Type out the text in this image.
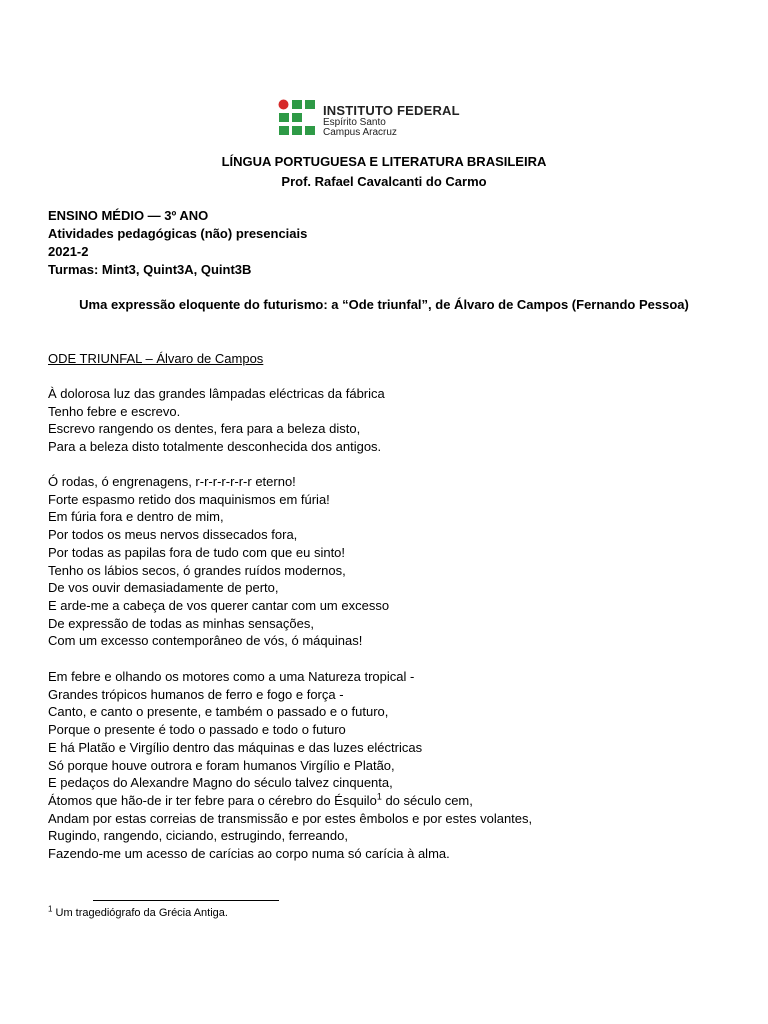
INSTITUTO FEDERAL
Espírito Santo
Campus Aracruz
LÍNGUA PORTUGUESA E LITERATURA BRASILEIRA
Prof. Rafael Cavalcanti do Carmo
ENSINO MÉDIO — 3º ANO
Atividades pedagógicas (não) presenciais
2021-2
Turmas: Mint3, Quint3A, Quint3B
Uma expressão eloquente do futurismo: a “Ode triunfal”, de Álvaro de Campos (Fernando Pessoa)
ODE TRIUNFAL – Álvaro de Campos
À dolorosa luz das grandes lâmpadas eléctricas da fábrica
Tenho febre e escrevo.
Escrevo rangendo os dentes, fera para a beleza disto,
Para a beleza disto totalmente desconhecida dos antigos.
Ó rodas, ó engrenagens, r-r-r-r-r-r-r eterno!
Forte espasmo retido dos maquinismos em fúria!
Em fúria fora e dentro de mim,
Por todos os meus nervos dissecados fora,
Por todas as papilas fora de tudo com que eu sinto!
Tenho os lábios secos, ó grandes ruídos modernos,
De vos ouvir demasiadamente de perto,
E arde-me a cabeça de vos querer cantar com um excesso
De expressão de todas as minhas sensações,
Com um excesso contemporâneo de vós, ó máquinas!
Em febre e olhando os motores como a uma Natureza tropical -
Grandes trópicos humanos de ferro e fogo e força -
Canto, e canto o presente, e também o passado e o futuro,
Porque o presente é todo o passado e todo o futuro
E há Platão e Virgílio dentro das máquinas e das luzes eléctricas
Só porque houve outrora e foram humanos Virgílio e Platão,
E pedaços do Alexandre Magno do século talvez cinquenta,
Átomos que hão-de ir ter febre para o cérebro do Ésquilo$^1$ do século cem,
Andam por estas correias de transmissão e por estes êmbolos e por estes volantes,
Rugindo, rangendo, ciciando, estrugindo, ferreando,
Fazendo-me um acesso de carícias ao corpo numa só carícia à alma.
$^1$ Um tragediógrafo da Grécia Antiga.
